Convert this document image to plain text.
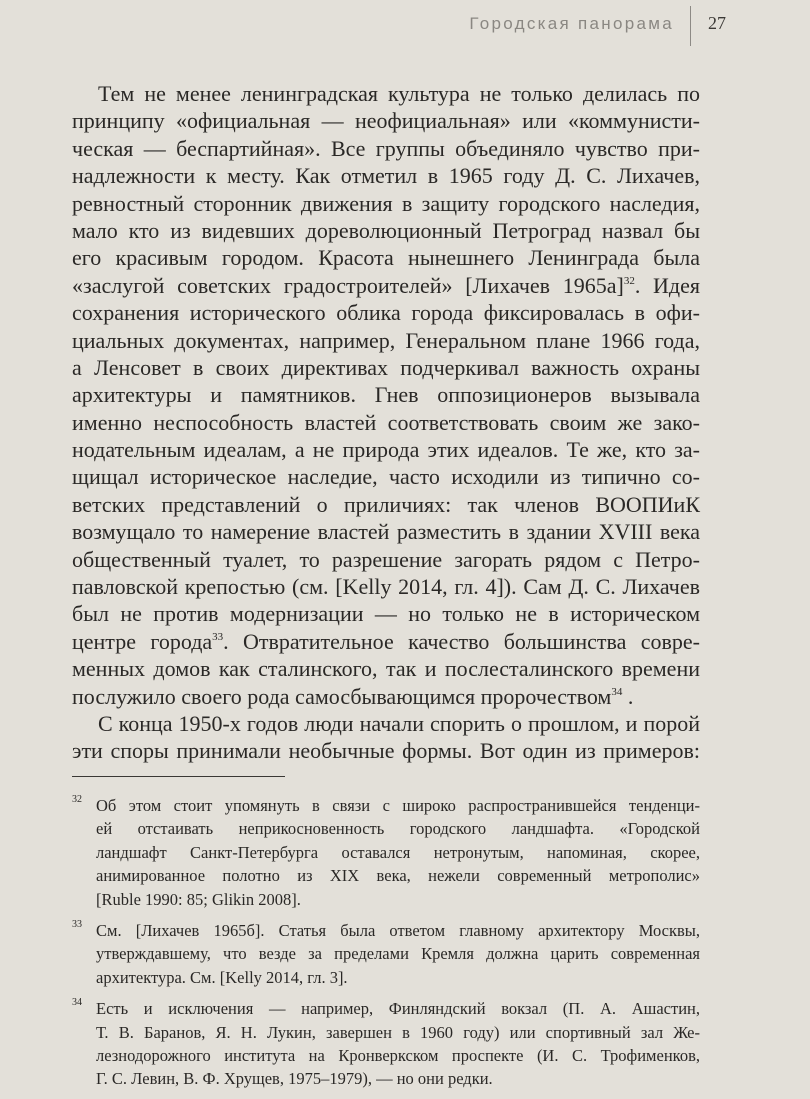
Городская панорама 27
Тем не менее ленинградская культура не только делилась по
принципу «официальная — неофициальная» или «коммунисти-
ческая — беспартийная». Все группы объединяло чувство при-
надлежности к месту. Как отметил в 1965 году Д. С. Лихачев,
ревностный сторонник движения в защиту городского наследия,
мало кто из видевших дореволюционный Петроград назвал бы
его красивым городом. Красота нынешнего Ленинграда была
«заслугой советских градостроителей» [Лихачев 1965a]$^{32}$. Идея
сохранения исторического облика города фиксировалась в офи-
циальных документах, например, Генеральном плане 1966 года,
а Ленсовет в своих директивах подчеркивал важность охраны
архитектуры и памятников. Гнев оппозиционеров вызывала
именно неспособность властей соответствовать своим же зако-
нодательным идеалам, а не природа этих идеалов. Те же, кто за-
щищал историческое наследие, часто исходили из типично со-
ветских представлений о приличиях: так членов ВООПИиК
возмущало то намерение властей разместить в здании XVIII века
общественный туалет, то разрешение загорать рядом с Петро-
павловской крепостью (см. [Kelly 2014, гл. 4]). Сам Д. С. Лихачев
был не против модернизации — но только не в историческом
центре города$^{33}$. Отвратительное качество большинства совре-
менных домов как сталинского, так и послесталинского времени
послужило своего рода самосбывающимся пророчеством$^{34}$ .
С конца 1950-х годов люди начали спорить о прошлом, и порой
эти споры принимали необычные формы. Вот один из примеров:
32 Об этом стоит упомянуть в связи с широко распространившейся тенденци-
ей отстаивать неприкосновенность городского ландшафта. «Городской
ландшафт Санкт-Петербурга оставался нетронутым, напоминая, скорее,
анимированное полотно из XIX века, нежели современный метрополис»
[Ruble 1990: 85; Glikin 2008].
33 См. [Лихачев 1965б]. Статья была ответом главному архитектору Москвы,
утверждавшему, что везде за пределами Кремля должна царить современная
архитектура. См. [Kelly 2014, гл. 3].
34 Есть и исключения — например, Финляндский вокзал (П. А. Ашастин,
Т. В. Баранов, Я. Н. Лукин, завершен в 1960 году) или спортивный зал Же-
лезнодорожного института на Кронверкском проспекте (И. С. Трофименков,
Г. С. Левин, В. Ф. Хрущев, 1975–1979), — но они редки.
